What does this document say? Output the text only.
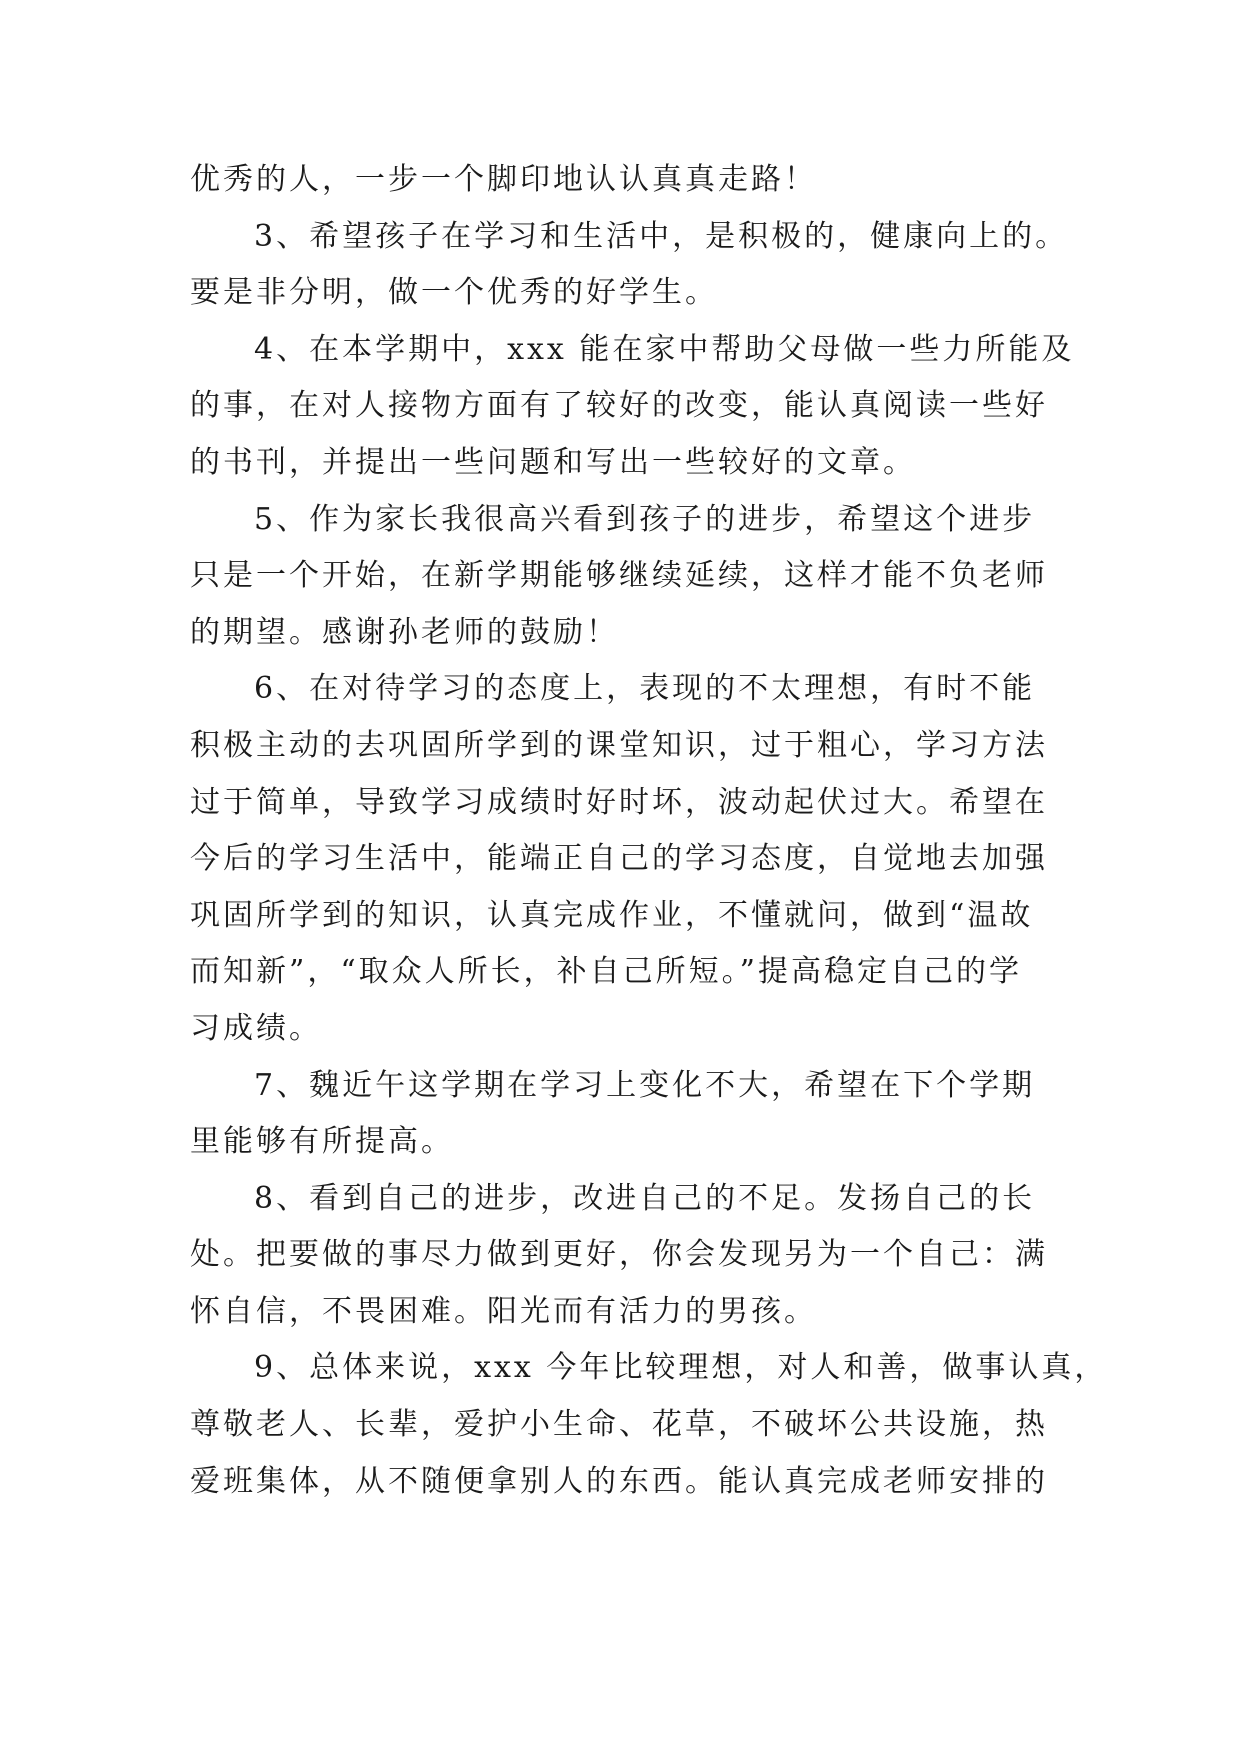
优秀的人，一步一个脚印地认认真真走路！
3、希望孩子在学习和生活中，是积极的，健康向上的。
要是非分明，做一个优秀的好学生。
4、在本学期中，xxx 能在家中帮助父母做一些力所能及
的事，在对人接物方面有了较好的改变，能认真阅读一些好
的书刊，并提出一些问题和写出一些较好的文章。
5、作为家长我很高兴看到孩子的进步，希望这个进步
只是一个开始，在新学期能够继续延续，这样才能不负老师
的期望。感谢孙老师的鼓励！
6、在对待学习的态度上，表现的不太理想，有时不能
积极主动的去巩固所学到的课堂知识，过于粗心，学习方法
过于简单，导致学习成绩时好时坏，波动起伏过大。希望在
今后的学习生活中，能端正自己的学习态度，自觉地去加强
巩固所学到的知识，认真完成作业，不懂就问，做到“温故
而知新”，“取众人所长，补自己所短。”提高稳定自己的学
习成绩。
7、魏近午这学期在学习上变化不大，希望在下个学期
里能够有所提高。
8、看到自己的进步，改进自己的不足。发扬自己的长
处。把要做的事尽力做到更好，你会发现另为一个自己：满
怀自信，不畏困难。阳光而有活力的男孩。
9、总体来说，xxx 今年比较理想，对人和善，做事认真，
尊敬老人、长辈，爱护小生命、花草，不破坏公共设施，热
爱班集体，从不随便拿别人的东西。能认真完成老师安排的
